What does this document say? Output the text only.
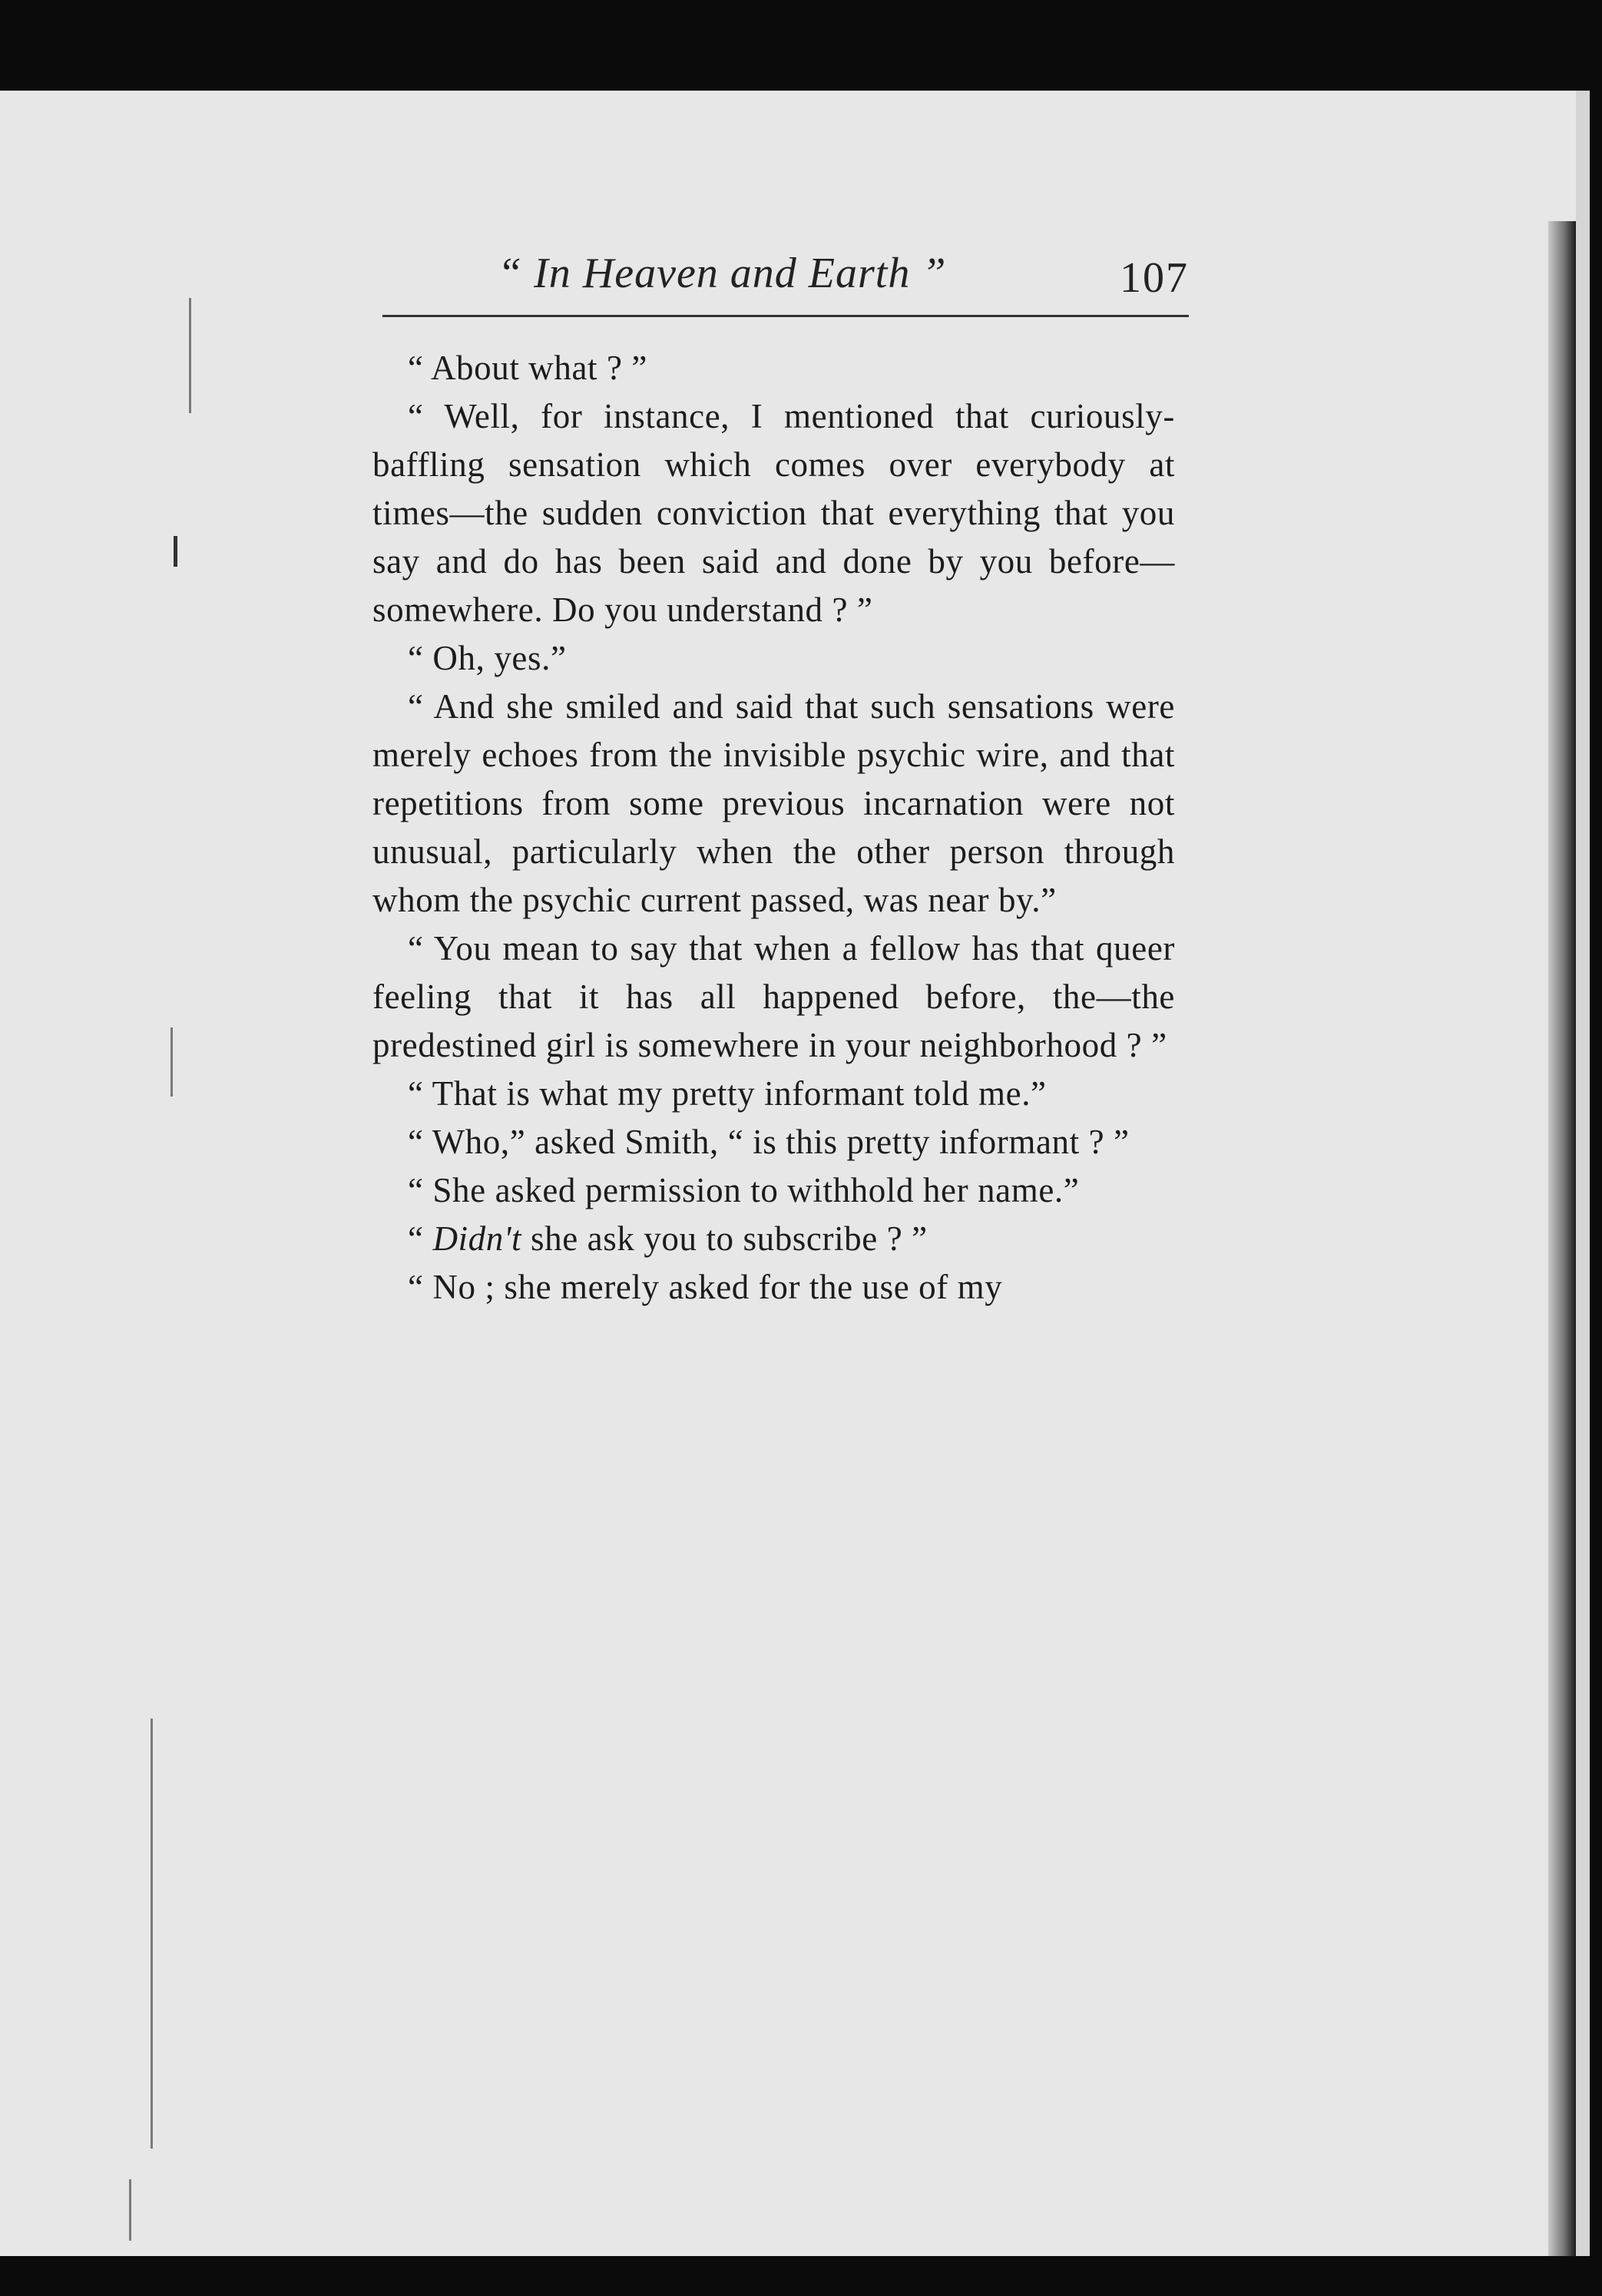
“ In Heaven and Earth ”	107

“ About what ? ”

“ Well, for instance, I mentioned that curiously-baffling sensation which comes over everybody at times—the sudden conviction that everything that you say and do has been said and done by you before—somewhere. Do you understand ? ”

“ Oh, yes.”

“ And she smiled and said that such sensations were merely echoes from the invisible psychic wire, and that repetitions from some previous incarnation were not unusual, particularly when the other person through whom the psychic current passed, was near by.”

“ You mean to say that when a fellow has that queer feeling that it has all happened before, the—the predestined girl is somewhere in your neighborhood ? ”

“ That is what my pretty informant told me.”

“ Who,” asked Smith, “ is this pretty informant ? ”

“ She asked permission to withhold her name.”

“ Didn't she ask you to subscribe ? ”

“ No ; she merely asked for the use of my
